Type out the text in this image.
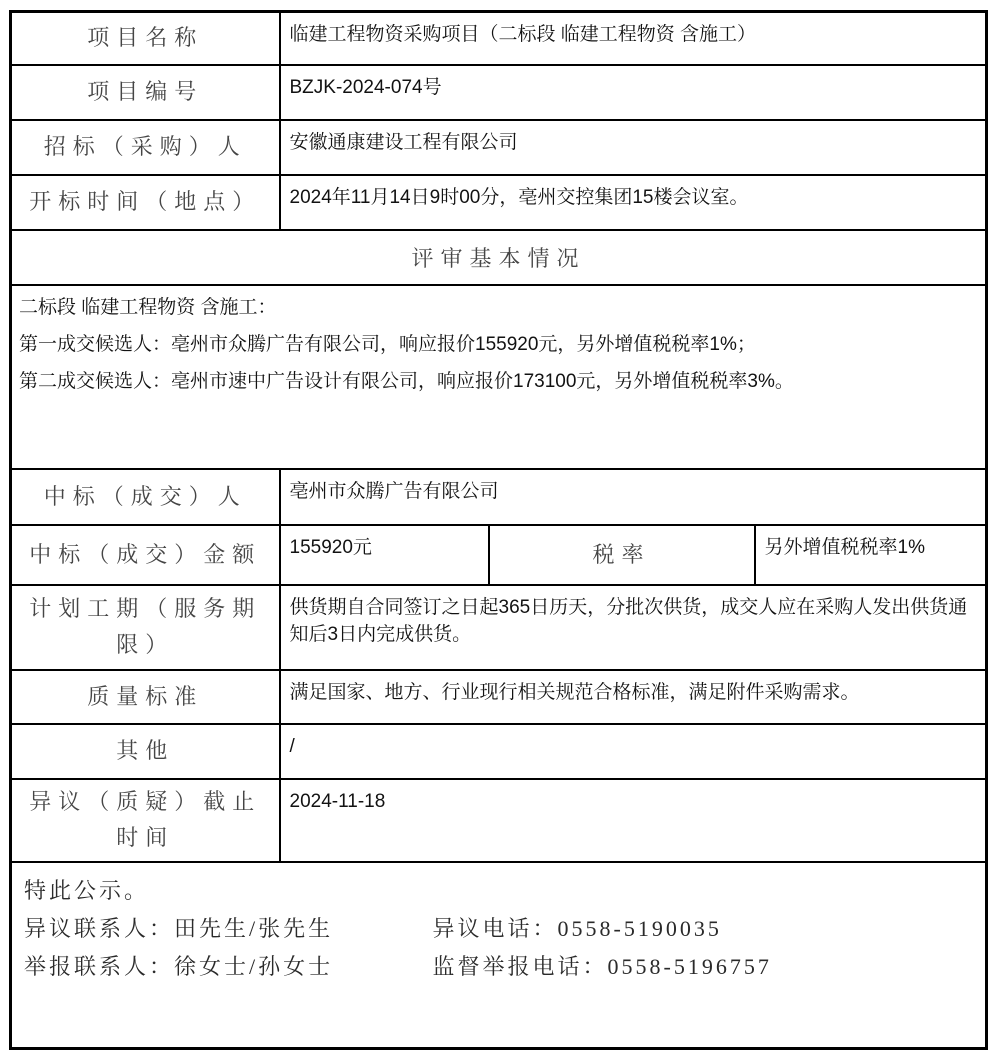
项目名称	临建工程物资采购项目（二标段 临建工程物资 含施工）		
项目编号	BZJK-2024-074号		
招标（采购）人	安徽通康建设工程有限公司		
开标时间（地点）	2024年11月14日9时00分，亳州交控集团15楼会议室。		
评审基本情况			

二标段 临建工程物资 含施工：
第一成交候选人：亳州市众腾广告有限公司，响应报价155920元，另外增值税税率1%；
第二成交候选人：亳州市速中广告设计有限公司，响应报价173100元，另外增值税税率3%。			

中标（成交）人	亳州市众腾广告有限公司		
中标（成交）金额	155920元	税率	另外增值税税率1%
计划工期（服务期限）	供货期自合同签订之日起365日历天，分批次供货，成交人应在采购人发出供货通知后3日内完成供货。		
质量标准	满足国家、地方、行业现行相关规范合格标准，满足附件采购需求。		
其他	/		
异议（质疑）截止时间	2024-11-18		

特此公示。
异议联系人：田先生/张先生 异议电话：0558-5190035
举报联系人：徐女士/孙女士 监督举报电话：0558-5196757			
